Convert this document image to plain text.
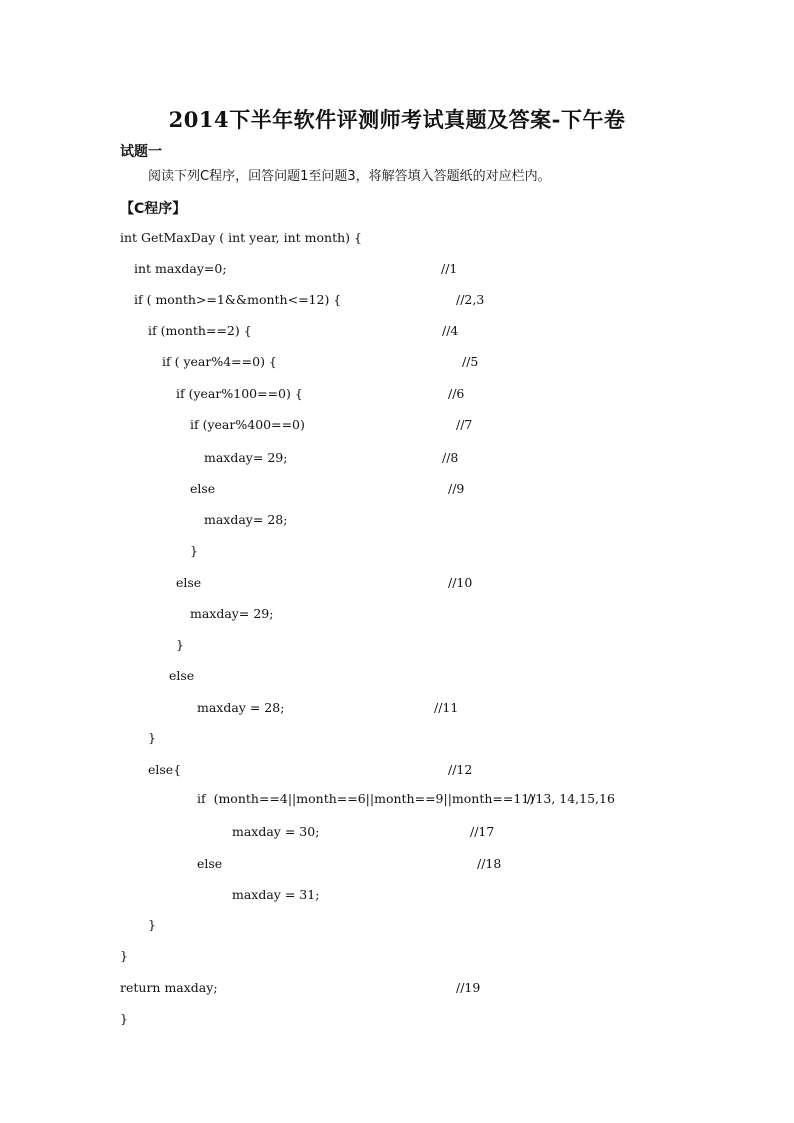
2014下半年软件评测师考试真题及答案-下午卷
试题一
阅读下列C程序，回答问题1至问题3，将解答填入答题纸的对应栏内。
【C程序】
int GetMaxDay ( int year, int month) {
int maxday=0;	//1
if ( month>=1&&month<=12) {	//2,3
if (month==2) {	//4
if ( year%4==0) {	//5
if (year%100==0) {	//6
if (year%400==0)	//7
maxday= 29;	//8
else	//9
maxday= 28;
}
else	//10
maxday= 29;
}
else
maxday = 28;	//11
}
else{	//12
if  (month==4||month==6||month==9||month==11)
//13, 14,15,16
maxday = 30;	//17
else	//18
maxday = 31;
}
}
return maxday;	//19
}
